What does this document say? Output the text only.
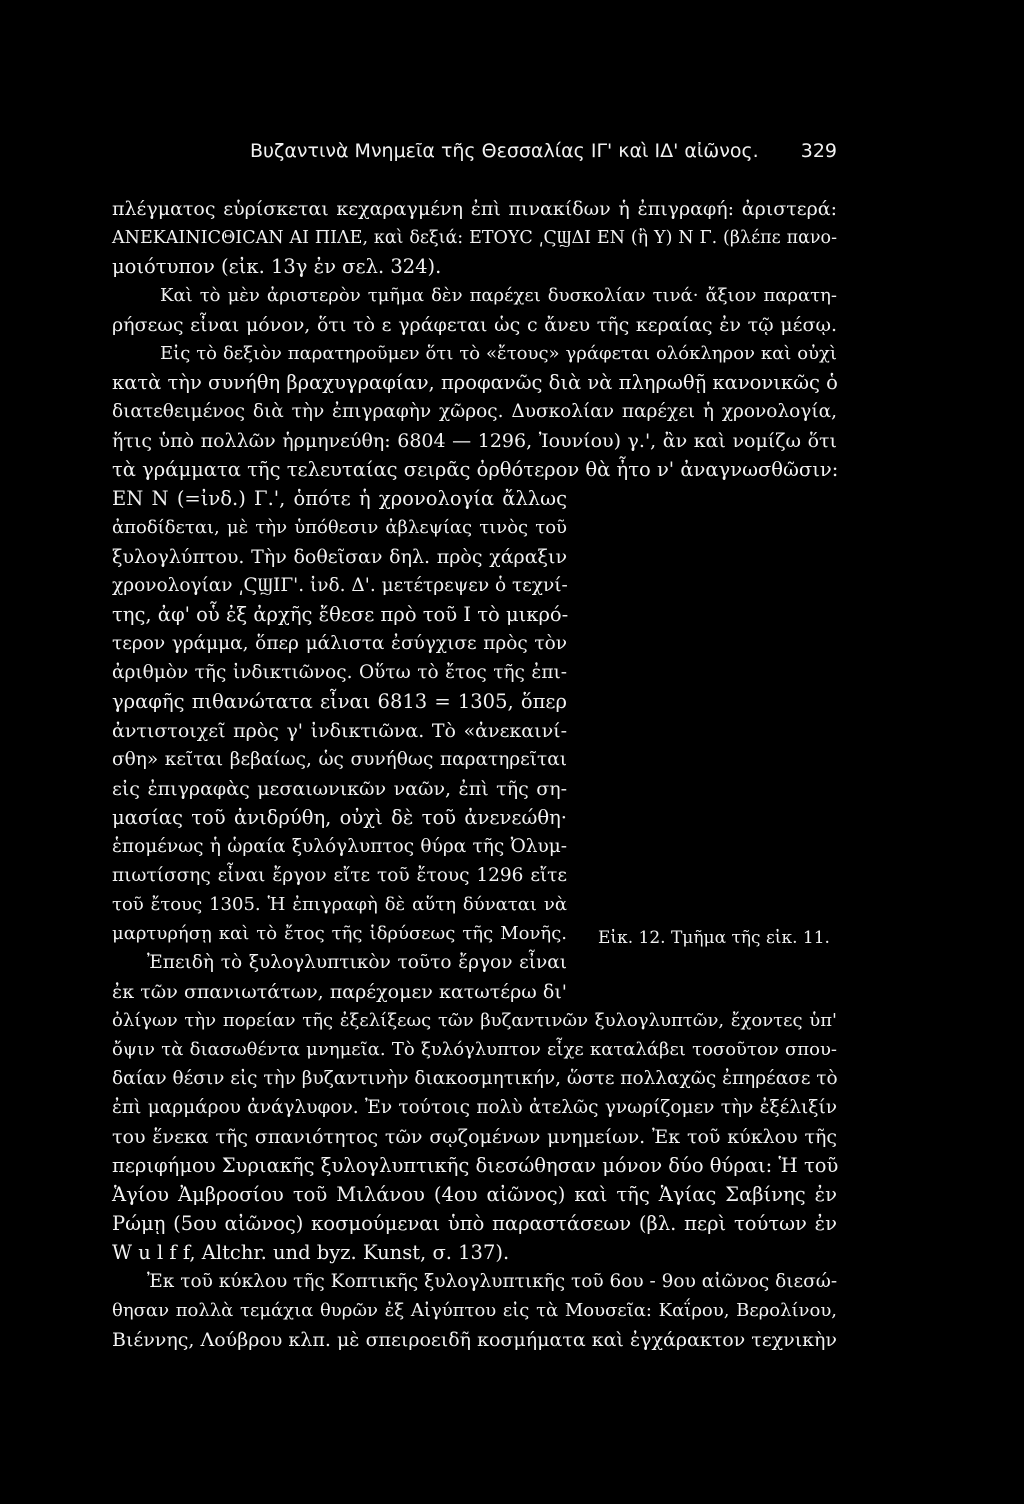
Βυζαντινὰ Μνημεῖα τῆς Θεσσαλίας ΙΓ' καὶ ΙΔ' αἰῶνος. 329
πλέγματος εὑρίσκεται κεχαραγμένη ἐπὶ πινακίδων ἡ ἐπιγραφή: ἀριστερά:
ΑΝΕΚΑΙΝΙϹΘΙϹΑΝ ΑΙ ΠΙΛΕ, καὶ δεξιά: ΕΤΟΥϹ ͵ϚϢΔΙ ΕΝ (ἢ Υ) Ν Γ. (βλέπε πανο-
μοιότυπον (εἰκ. 13γ ἐν σελ. 324).
Καὶ τὸ μὲν ἀριστερὸν τμῆμα δὲν παρέχει δυσκολίαν τινά· ἄξιον παρατη-
ρήσεως εἶναι μόνον, ὅτι τὸ ε γράφεται ὡς c ἄνευ τῆς κεραίας ἐν τῷ μέσῳ.
Εἰς τὸ δεξιὸν παρατηροῦμεν ὅτι τὸ «ἔτους» γράφεται ολόκληρον καὶ οὐχὶ
κατὰ τὴν συνήθη βραχυγραφίαν, προφανῶς διὰ νὰ πληρωθῇ κανονικῶς ὁ
διατεθειμένος διὰ τὴν ἐπιγραφὴν χῶρος. Δυσκολίαν παρέχει ἡ χρονολογία,
ἥτις ὑπὸ πολλῶν ἡρμηνεύθη: 6804 — 1296, Ἰουνίου) γ.', ἂν καὶ νομίζω ὅτι
τὰ γράμματα τῆς τελευταίας σειρᾶς ὀρθότερον θὰ ἦτο ν' ἀναγνωσθῶσιν:
ΕΝ Ν (=ἰνδ.) Γ.', ὁπότε ἡ χρονολογία ἄλλως
ἀποδίδεται, μὲ τὴν ὑπόθεσιν ἀβλεψίας τινὸς τοῦ
ξυλογλύπτου. Τὴν δοθεῖσαν δηλ. πρὸς χάραξιν
χρονολογίαν ͵ϚϢΙΓ'. ἰνδ. Δ'. μετέτρεψεν ὁ τεχνί-
της, ἀφ' οὗ ἐξ ἀρχῆς ἔθεσε πρὸ τοῦ Ι τὸ μικρό-
τερον γράμμα, ὅπερ μάλιστα ἐσύγχισε πρὸς τὸν
ἀριθμὸν τῆς ἰνδικτιῶνος. Οὕτω τὸ ἔτος τῆς ἐπι-
γραφῆς πιθανώτατα εἶναι 6813 = 1305, ὅπερ
ἀντιστοιχεῖ πρὸς γ' ἰνδικτιῶνα. Τὸ «ἀνεκαινί-
σθη» κεῖται βεβαίως, ὡς συνήθως παρατηρεῖται
εἰς ἐπιγραφὰς μεσαιωνικῶν ναῶν, ἐπὶ τῆς ση-
μασίας τοῦ ἀνιδρύθη, οὐχὶ δὲ τοῦ ἀνενεώθη·
ἑπομένως ἡ ὡραία ξυλόγλυπτος θύρα τῆς Ὀλυμ-
πιωτίσσης εἶναι ἔργον εἴτε τοῦ ἔτους 1296 εἴτε
τοῦ ἔτους 1305. Ἡ ἐπιγραφὴ δὲ αὕτη δύναται νὰ
μαρτυρήσῃ καὶ τὸ ἔτος τῆς ἱδρύσεως τῆς Μονῆς.
Ἐπειδὴ τὸ ξυλογλυπτικὸν τοῦτο ἔργον εἶναι
ἐκ τῶν σπανιωτάτων, παρέχομεν κατωτέρω δι'
ὀλίγων τὴν πορείαν τῆς ἐξελίξεως τῶν βυζαντινῶν ξυλογλυπτῶν, ἔχοντες ὑπ'
ὄψιν τὰ διασωθέντα μνημεῖα. Τὸ ξυλόγλυπτον εἶχε καταλάβει τοσοῦτον σπου-
δαίαν θέσιν εἰς τὴν βυζαντινὴν διακοσμητικήν, ὥστε πολλαχῶς ἐπηρέασε τὸ
ἐπὶ μαρμάρου ἀνάγλυφον. Ἐν τούτοις πολὺ ἀτελῶς γνωρίζομεν τὴν ἐξέλιξίν
του ἕνεκα τῆς σπανιότητος τῶν σῳζομένων μνημείων. Ἐκ τοῦ κύκλου τῆς
περιφήμου Συριακῆς ξυλογλυπτικῆς διεσώθησαν μόνον δύο θύραι: Ἡ τοῦ
Ἁγίου Ἀμβροσίου τοῦ Μιλάνου (4ου αἰῶνος) καὶ τῆς Ἁγίας Σαβίνης ἐν
Ρώμῃ (5ου αἰῶνος) κοσμούμεναι ὑπὸ παραστάσεων (βλ. περὶ τούτων ἐν
W u l f f, Altchr. und byz. Kunst, σ. 137).
Ἐκ τοῦ κύκλου τῆς Κοπτικῆς ξυλογλυπτικῆς τοῦ 6ου - 9ου αἰῶνος διεσώ-
θησαν πολλὰ τεμάχια θυρῶν ἐξ Αἰγύπτου εἰς τὰ Μουσεῖα: Καΐρου, Βερολίνου,
Βιέννης, Λούβρου κλπ. μὲ σπειροειδῆ κοσμήματα καὶ ἐγχάρακτον τεχνικὴν
Εἰκ. 12. Τμῆμα τῆς εἰκ. 11.
